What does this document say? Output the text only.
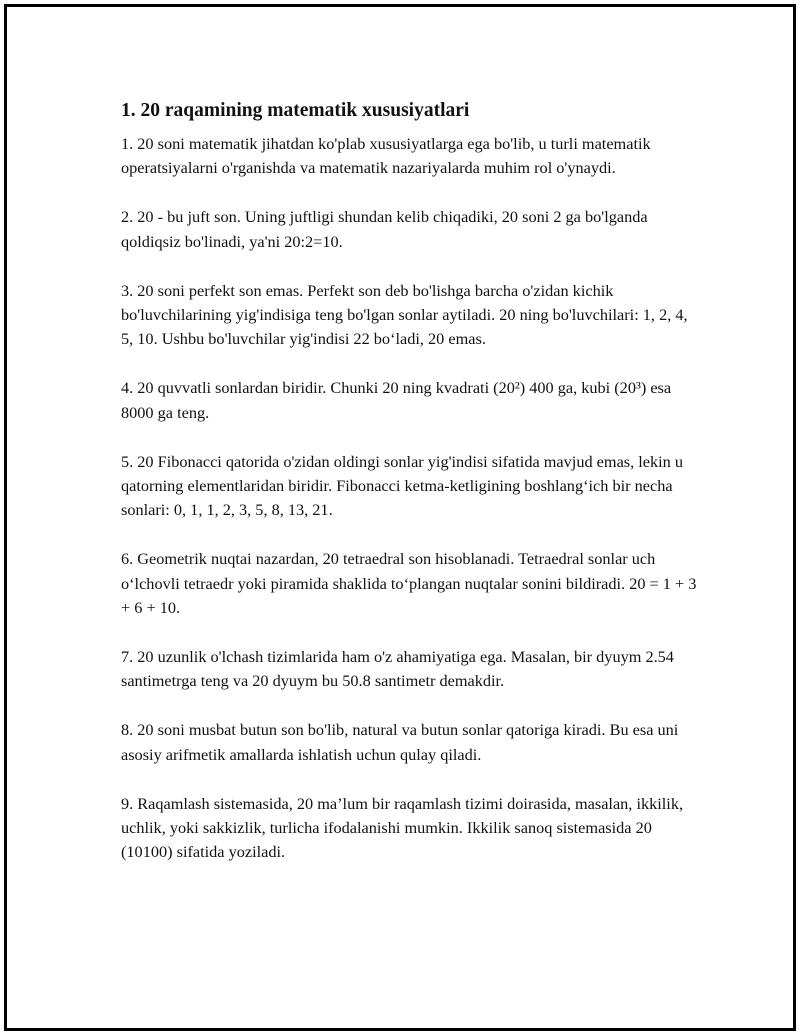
1. 20 raqamining matematik xususiyatlari

1. 20 soni matematik jihatdan ko'plab xususiyatlarga ega bo'lib, u turli matematik operatsiyalarni o'rganishda va matematik nazariyalarda muhim rol o'ynaydi.

2. 20 - bu juft son. Uning juftligi shundan kelib chiqadiki, 20 soni 2 ga bo'lganda qoldiqsiz bo'linadi, ya'ni 20:2=10.

3. 20 soni perfekt son emas. Perfekt son deb bo'lishga barcha o'zidan kichik bo'luvchilarining yig'indisiga teng bo'lgan sonlar aytiladi. 20 ning bo'luvchilari: 1, 2, 4, 5, 10. Ushbu bo'luvchilar yig'indisi 22 bo‘ladi, 20 emas.

4. 20 quvvatli sonlardan biridir. Chunki 20 ning kvadrati (20²) 400 ga, kubi (20³) esa 8000 ga teng.

5. 20 Fibonacci qatorida o'zidan oldingi sonlar yig'indisi sifatida mavjud emas, lekin u qatorning elementlaridan biridir. Fibonacci ketma-ketligining boshlang‘ich bir necha sonlari: 0, 1, 1, 2, 3, 5, 8, 13, 21.

6. Geometrik nuqtai nazardan, 20 tetraedral son hisoblanadi. Tetraedral sonlar uch o‘lchovli tetraedr yoki piramida shaklida to‘plangan nuqtalar sonini bildiradi. 20 = 1 + 3 + 6 + 10.

7. 20 uzunlik o'lchash tizimlarida ham o'z ahamiyatiga ega. Masalan, bir dyuym 2.54 santimetrga teng va 20 dyuym bu 50.8 santimetr demakdir.

8. 20 soni musbat butun son bo'lib, natural va butun sonlar qatoriga kiradi. Bu esa uni asosiy arifmetik amallarda ishlatish uchun qulay qiladi.

9. Raqamlash sistemasida, 20 ma’lum bir raqamlash tizimi doirasida, masalan, ikkilik, uchlik, yoki sakkizlik, turlicha ifodalanishi mumkin. Ikkilik sanoq sistemasida 20 (10100) sifatida yoziladi.
